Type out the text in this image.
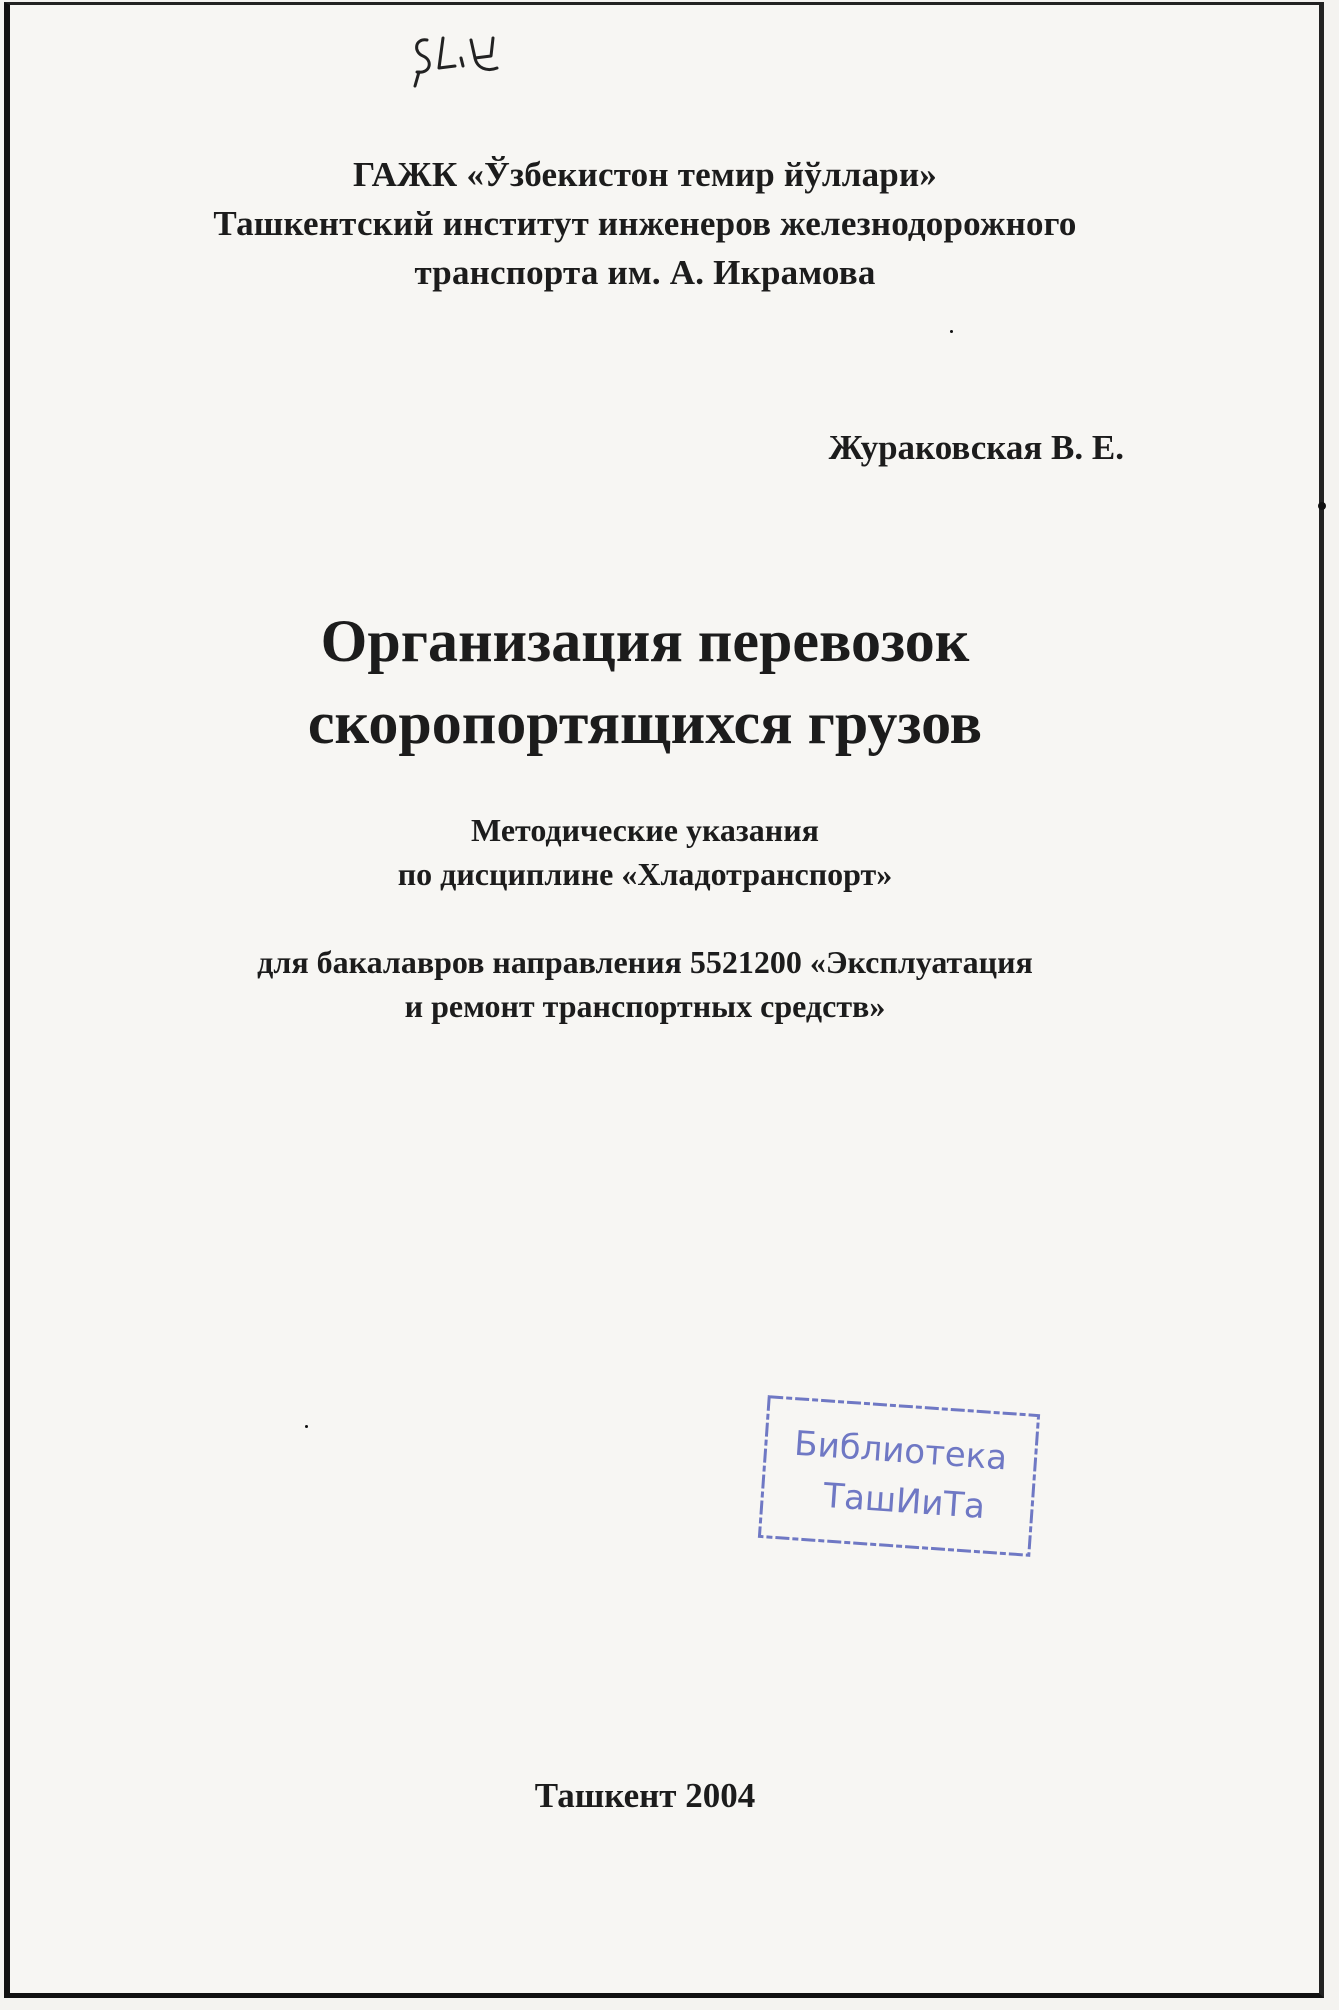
ГАЖК «Ўзбекистон темир йўллари»
Ташкентский институт инженеров железнодорожного
транспорта им. А. Икрамова
Жураковская В. Е.
Организация перевозок
скоропортящихся грузов
Методические указания
по дисциплине «Хладотранспорт»
для бакалавров направления 5521200 «Эксплуатация
и ремонт транспортных средств»
Библиотека
ТашИиТа
Ташкент 2004
